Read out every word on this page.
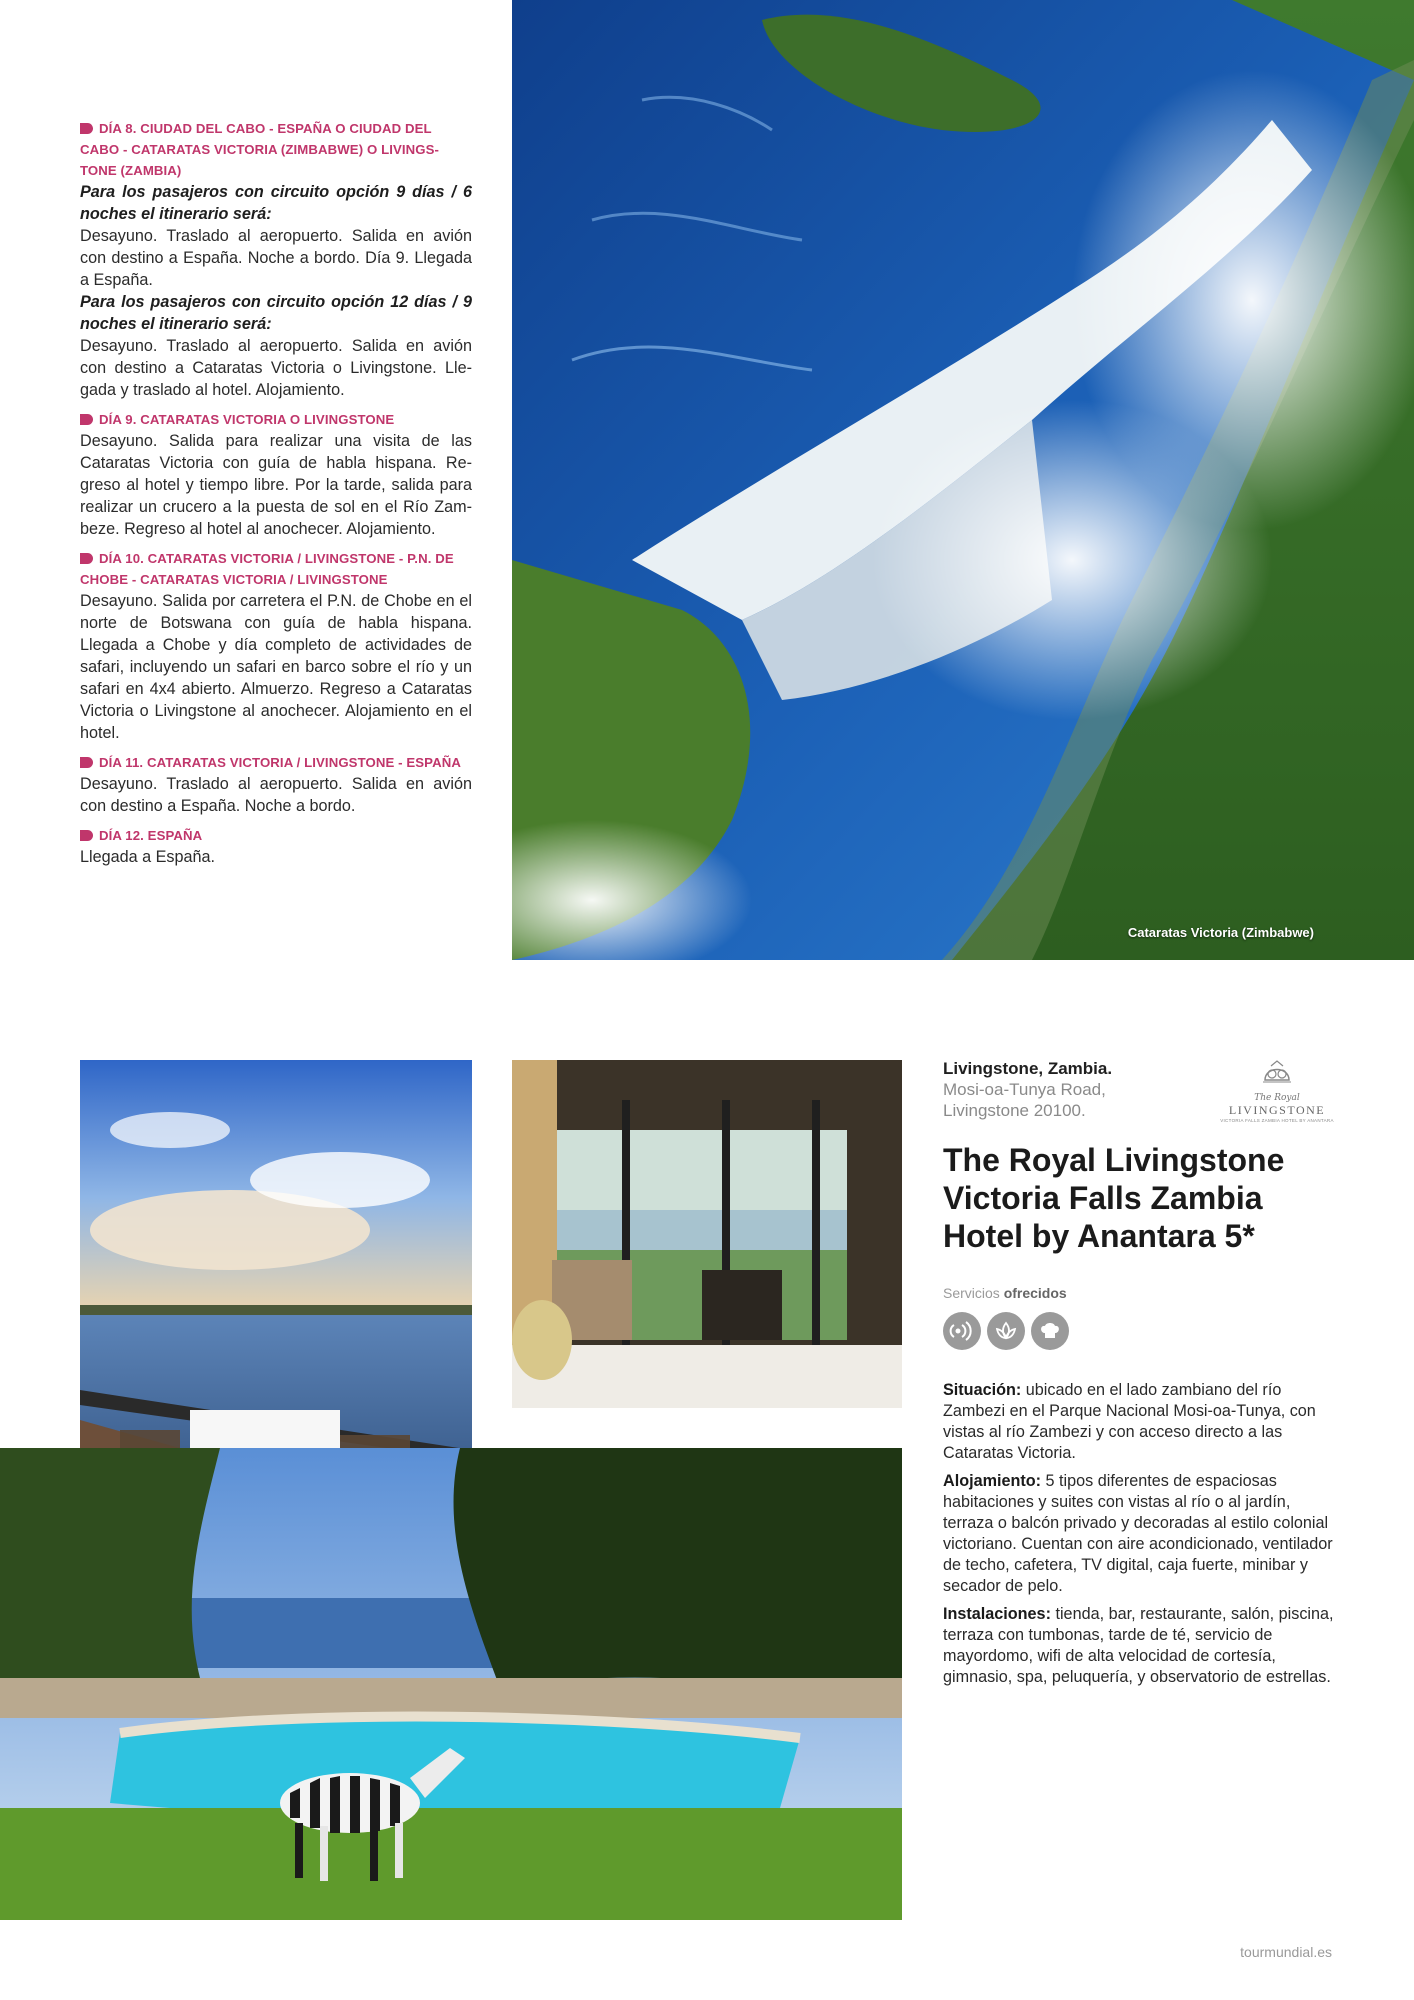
DÍA 8. CIUDAD DEL CABO - ESPAÑA O CIUDAD DEL CABO - CATARATAS VICTORIA (ZIMBABWE) O LIVINGS-TONE (ZAMBIA)

Para los pasajeros con circuito opción 9 días / 6 noches el itinerario será:

Desayuno. Traslado al aeropuerto. Salida en avión con destino a España. Noche a bordo. Día 9. Llegada a España.

Para los pasajeros con circuito opción 12 días / 9 noches el itinerario será:

Desayuno. Traslado al aeropuerto. Salida en avión con destino a Cataratas Victoria o Livingstone. Lle-gada y traslado al hotel. Alojamiento.

DÍA 9. CATARATAS VICTORIA O LIVINGSTONE
Desayuno. Salida para realizar una visita de las Cataratas Victoria con guía de habla hispana. Re-greso al hotel y tiempo libre. Por la tarde, salida para realizar un crucero a la puesta de sol en el Río Zam-beze. Regreso al hotel al anochecer. Alojamiento.
DÍA 10. CATARATAS VICTORIA / LIVINGSTONE - P.N. DE CHOBE - CATARATAS VICTORIA / LIVINGSTONE
Desayuno. Salida por carretera el P.N. de Chobe en el norte de Botswana con guía de habla hispana. Llegada a Chobe y día completo de actividades de safari, incluyendo un safari en barco sobre el río y un safari en 4x4 abierto. Almuerzo. Regreso a Cataratas Victoria o Livingstone al anochecer. Alojamiento en el hotel.
DÍA 11. CATARATAS VICTORIA / LIVINGSTONE - ESPAÑA
Desayuno. Traslado al aeropuerto. Salida en avión con destino a España. Noche a bordo.
DÍA 12. ESPAÑA
Llegada a España.
Cataratas Victoria (Zimbabwe)
The Royal
LIVINGSTONE
VICTORIA FALLS ZAMBIA HOTEL BY ANANTARA
Livingstone, Zambia.
Mosi-oa-Tunya Road,
Livingstone 20100.
The Royal Livingstone Victoria Falls Zambia Hotel by Anantara 5*
Servicios ofrecidos

Situación: ubicado en el lado zambiano del río Zambezi en el Parque Nacional Mosi-oa-Tunya, con vistas al río Zambezi y con acceso directo a las Cataratas Victoria.

Alojamiento: 5 tipos diferentes de espaciosas habitaciones y suites con vistas al río o al jardín, terraza o balcón privado y decoradas al estilo colonial victoriano. Cuentan con aire acondicionado, ventilador de techo, cafetera, TV digital, caja fuerte, minibar y secador de pelo.

Instalaciones: tienda, bar, restaurante, salón, piscina, terraza con tumbonas, tarde de té, servicio de mayordomo, wifi de alta velocidad de cortesía, gimnasio, spa, peluquería, y observatorio de estrellas.

tourmundial.es
